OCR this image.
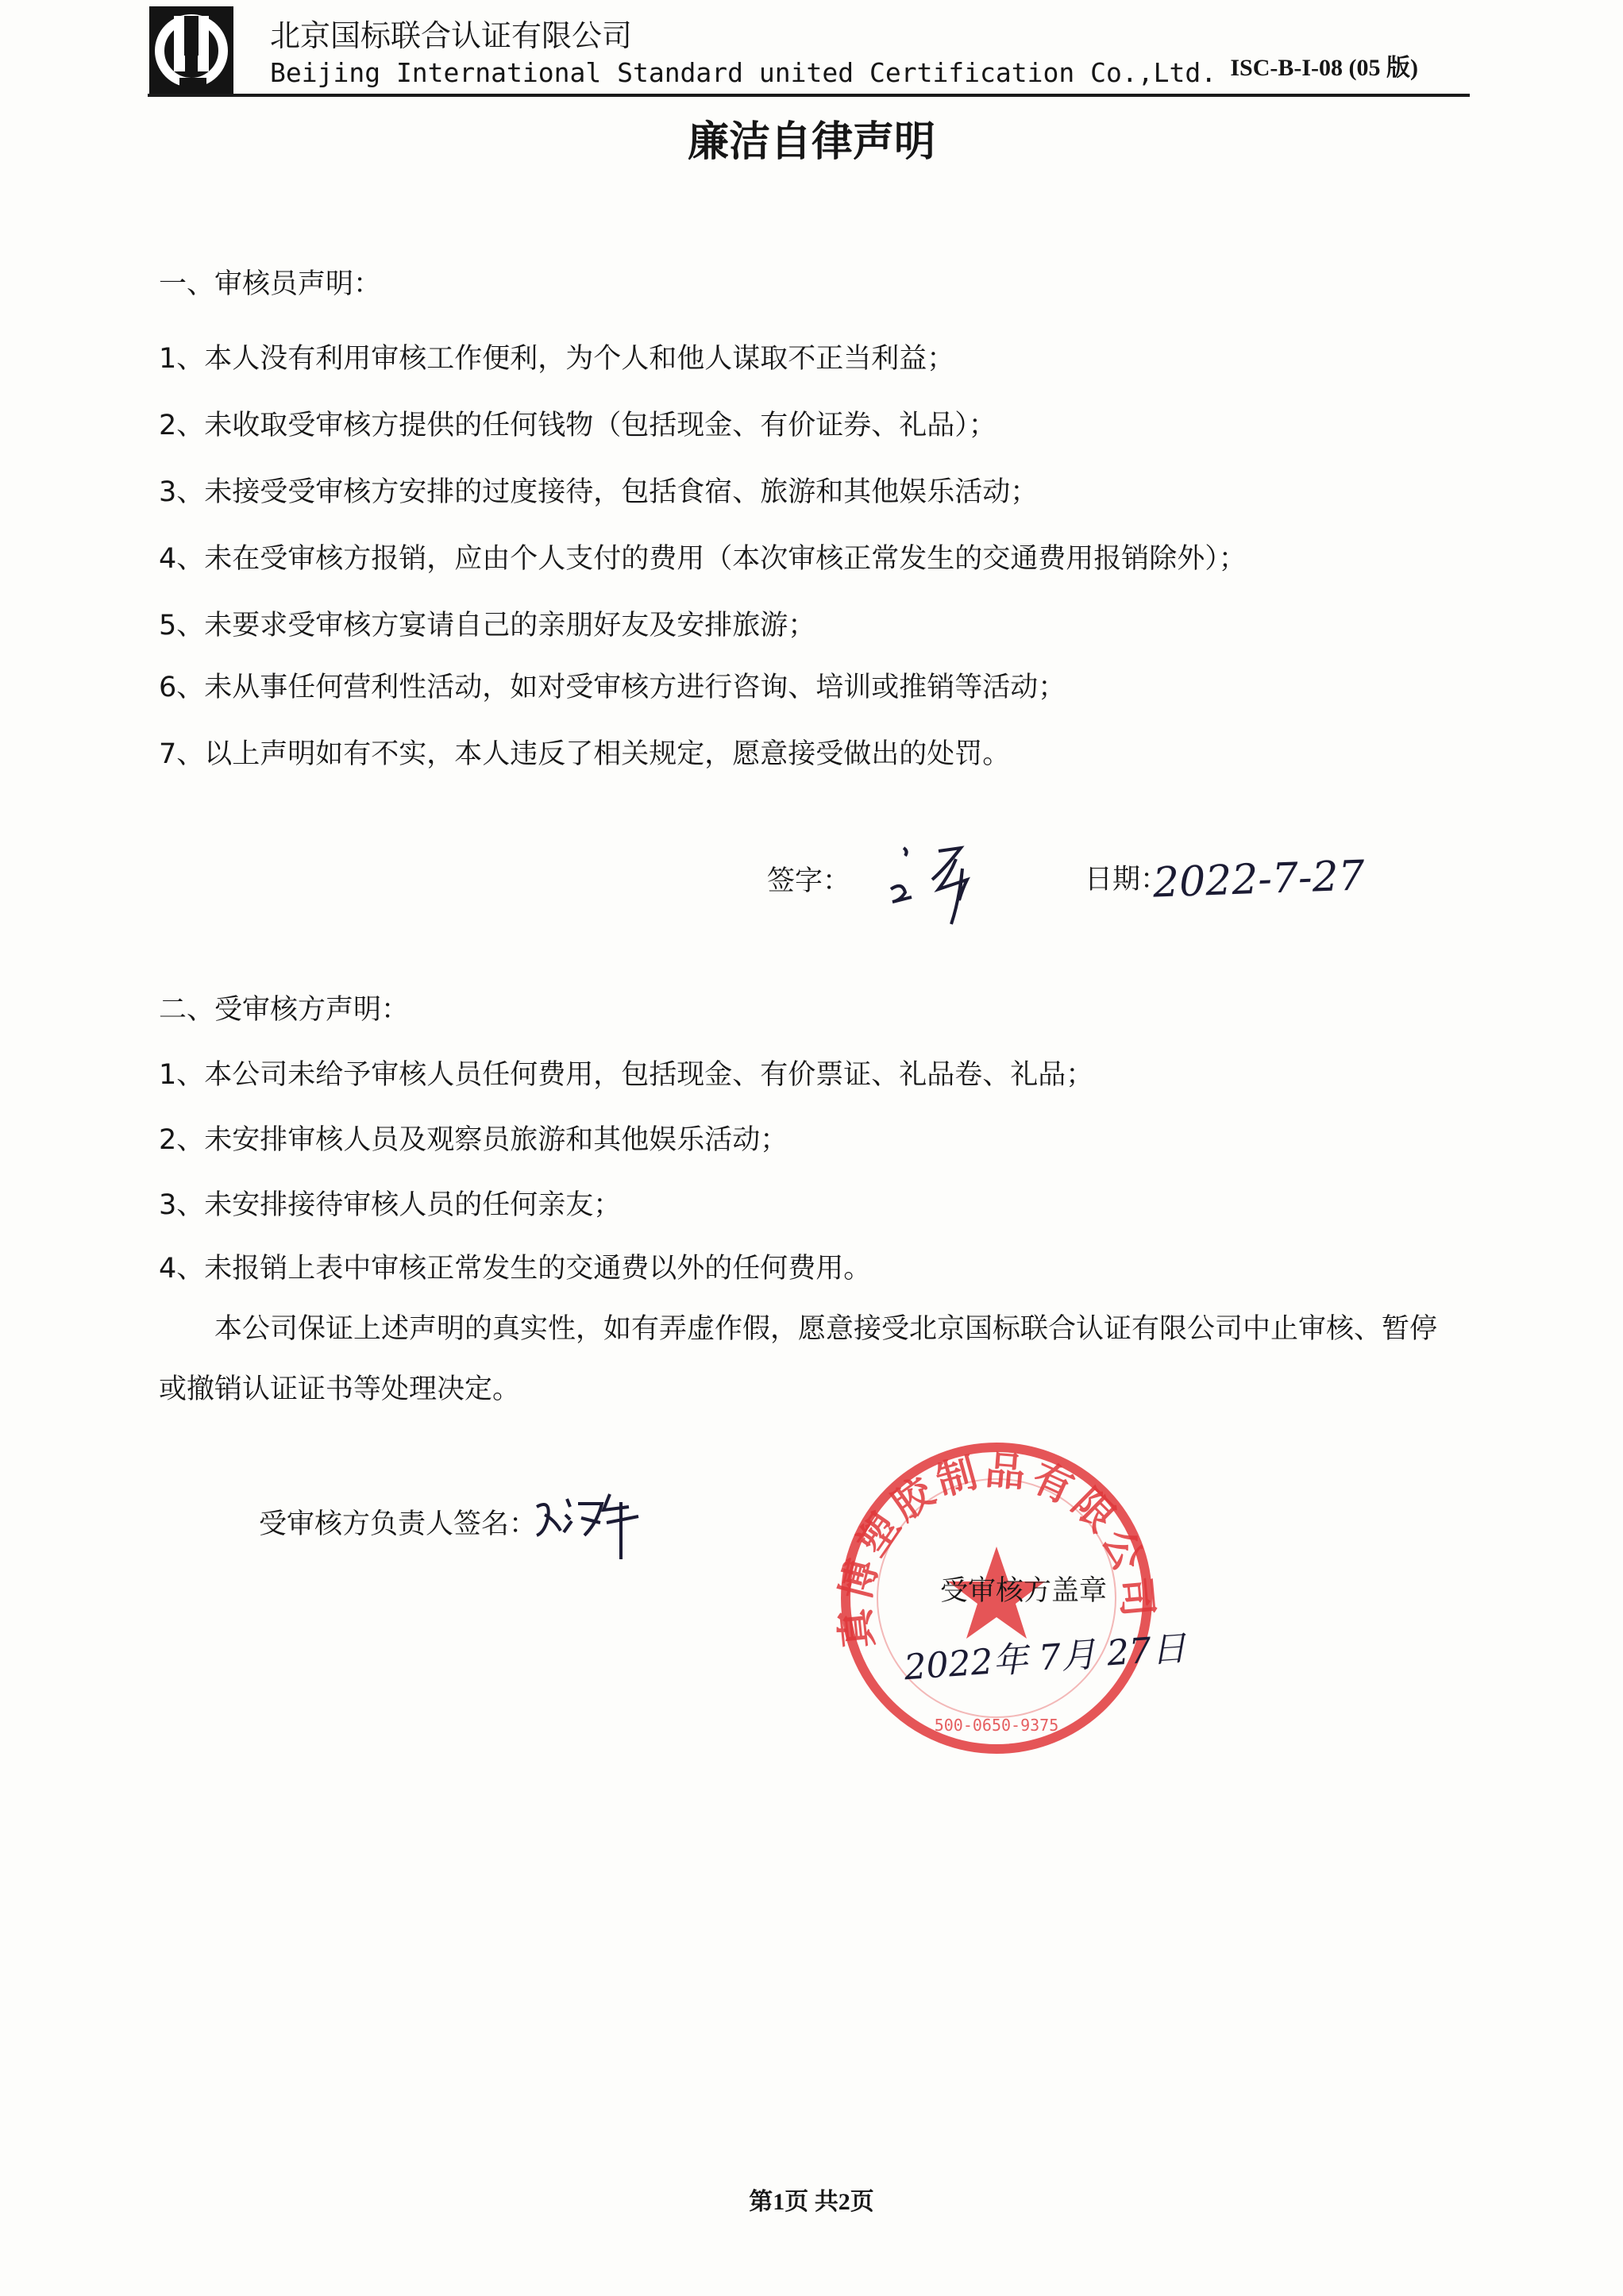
北京国标联合认证有限公司
Beijing International Standard united Certification Co.,Ltd. ISC-B-I-08 (05 版)
廉洁自律声明
一、审核员声明：
1、本人没有利用审核工作便利，为个人和他人谋取不正当利益；
2、未收取受审核方提供的任何钱物（包括现金、有价证券、礼品）；
3、未接受受审核方安排的过度接待，包括食宿、旅游和其他娱乐活动；
4、未在受审核方报销，应由个人支付的费用（本次审核正常发生的交通费用报销除外）；
5、未要求受审核方宴请自己的亲朋好友及安排旅游；
6、未从事任何营利性活动，如对受审核方进行咨询、培训或推销等活动；
7、以上声明如有不实，本人违反了相关规定，愿意接受做出的处罚。
签字：	日期：
2022-7-27
二、受审核方声明：
1、本公司未给予审核人员任何费用，包括现金、有价票证、礼品卷、礼品；
2、未安排审核人员及观察员旅游和其他娱乐活动；
3、未安排接待审核人员的任何亲友；
4、未报销上表中审核正常发生的交通费以外的任何费用。
本公司保证上述声明的真实性，如有弄虚作假，愿意接受北京国标联合认证有限公司中止审核、暂停或撤销认证证书等处理决定。
受审核方负责人签名：
真博塑胶制品有限公司
500-0650-9375
受审核方盖章
2022年 7月 27日
第1页 共2页
